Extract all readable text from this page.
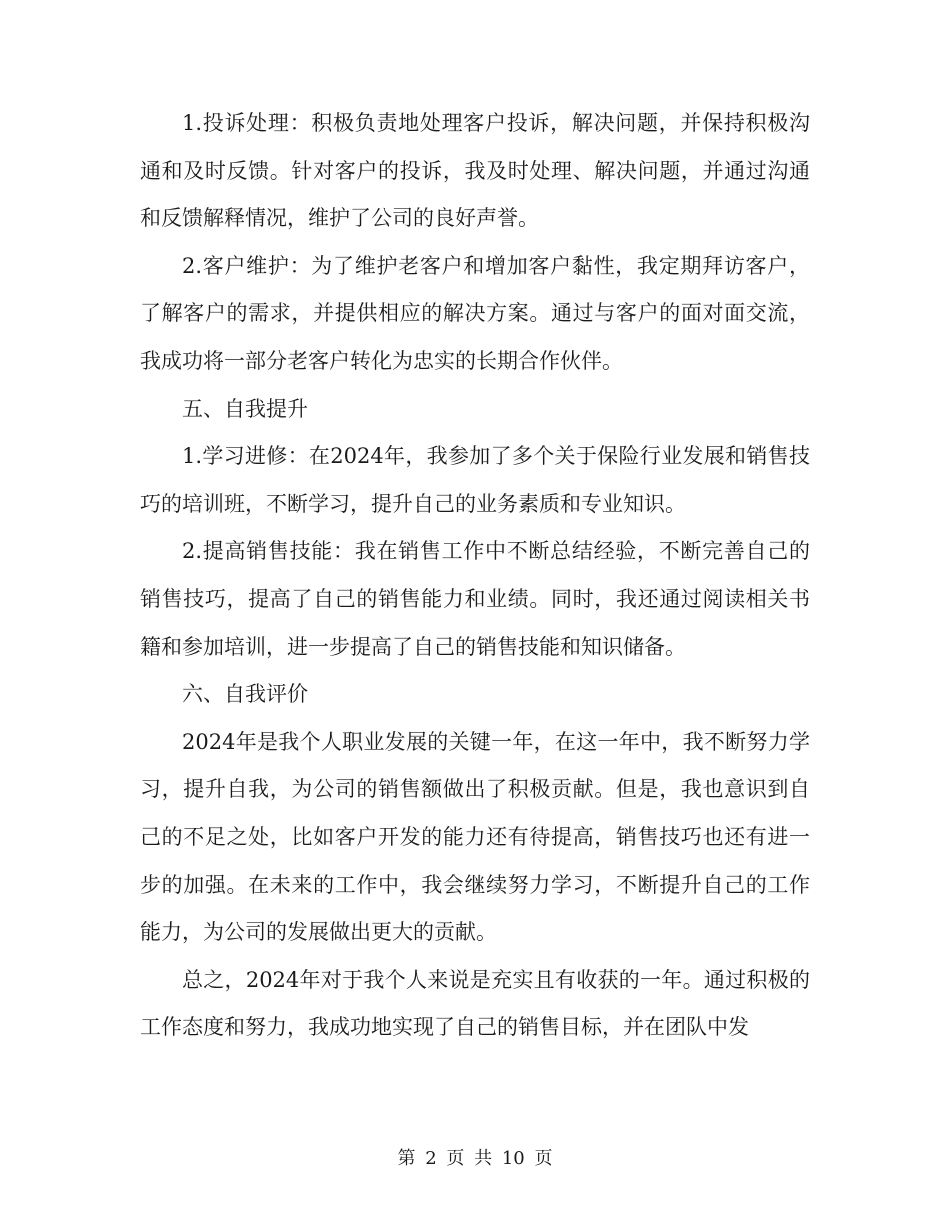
1.投诉处理：积极负责地处理客户投诉，解决问题，并保持积极沟通和及时反馈。针对客户的投诉，我及时处理、解决问题，并通过沟通和反馈解释情况，维护了公司的良好声誉。

2.客户维护：为了维护老客户和增加客户黏性，我定期拜访客户，了解客户的需求，并提供相应的解决方案。通过与客户的面对面交流，我成功将一部分老客户转化为忠实的长期合作伙伴。

五、自我提升

1.学习进修：在2024年，我参加了多个关于保险行业发展和销售技巧的培训班，不断学习，提升自己的业务素质和专业知识。

2.提高销售技能：我在销售工作中不断总结经验，不断完善自己的销售技巧，提高了自己的销售能力和业绩。同时，我还通过阅读相关书籍和参加培训，进一步提高了自己的销售技能和知识储备。

六、自我评价

2024年是我个人职业发展的关键一年，在这一年中，我不断努力学习，提升自我，为公司的销售额做出了积极贡献。但是，我也意识到自己的不足之处，比如客户开发的能力还有待提高，销售技巧也还有进一步的加强。在未来的工作中，我会继续努力学习，不断提升自己的工作能力，为公司的发展做出更大的贡献。

总之，2024年对于我个人来说是充实且有收获的一年。通过积极的工作态度和努力，我成功地实现了自己的销售目标，并在团队中发

第 2 页 共 10 页
